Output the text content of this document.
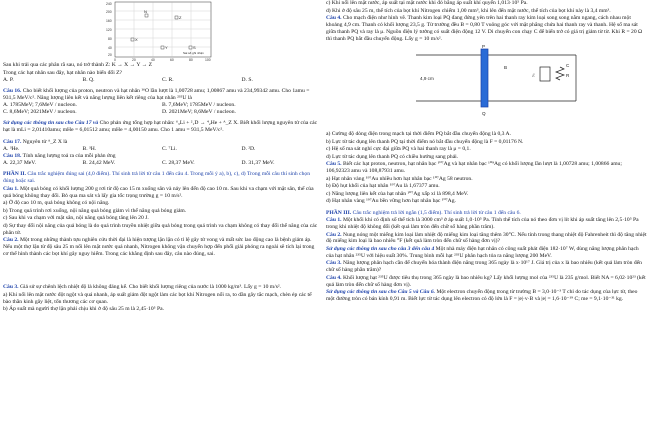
240
200
160
120
80
40
20
0	20	40	60	80	100
N
Z
X
Y	S
Sai số ghi nhận

Sau khi trải qua các phân rã sau, nó trở thành Z: K → X → Y → Z

Trong các hạt nhân sau đây, hạt nhân nào biến đổi Z?

A. P.	B. Q.	C. R.	D. S.

Câu 16. Cho biết khối lượng của proton, neutron và hạt nhân ¹⁶O lần lượt là 1,00728 amu; 1,00867 amu và 234,99342 amu. Cho 1amu = 931,5 MeV/c². Năng lượng liên kết và năng lượng liên kết riêng của hạt nhân ²³⁵U là

A. 1785MeV; 7,6MeV / nucleon.	B. 7,6MeV; 1785MeV / nucleon.
C. 8,6MeV; 2021MeV / nucleon.	D. 2021MeV; 8,6MeV / nucleon.

Sử dụng các thông tin sau cho Câu 17 và Cho phản ứng tổng hợp hạt nhân: ⁶₃Li + ²₁D → ⁴₂He + ᴬ_Z X. Biết khối lượng nguyên tử của các hạt là mLi = 2,01410amu; mHe = 6,01512 amu; mHe = 4,00150 amu. Cho 1 amu = 931,5 MeV/c².

Câu 17. Nguyên tử ᴬ_Z X là

A. ³He.	B. ³H.	C. ⁷Li.	D. ²D.

Câu 18. Tính năng lượng toả ra của mỗi phản ứng

A. 22,37 MeV.	B. 24,42 MeV.	C. 28,37 MeV.	D. 31,37 MeV.

PHẦN II. Câu trắc nghiệm đúng sai (4,0 điểm). Thí sinh trả lời từ câu 1 đến câu 4. Trong mỗi ý a), b), c), d) Trong mỗi câu thí sinh chọn đúng hoặc sai.

Câu 1. Một quả bóng có khối lượng 200 g rơi từ độ cao 15 m xuống sân và nảy lên đến độ cao 10 m. Sau khi va chạm với mặt sân, thế của quả bóng không thay đổi. Bỏ qua ma sát và lấy gia tốc trọng trường g = 10 m/s².

a) Ở độ cao 10 m, quả bóng không có nội năng.

b) Trong quá trình rơi xuống, nội năng quả bóng giảm vì thế năng quả bóng giảm.

c) Sau khi va chạm với mặt sân, nội năng quả bóng tăng lên 20 J.

d) Sự thay đổi nội năng của quả bóng là do quá trình truyền nhiệt giữa quả bóng trong quá trình va chạm không có thay đổi thể năng của các phân tử.

Câu 2. Một trong những thành tựu nghiên cứu thời đại là hiện tượng lặn lặn có tỉ lệ gây tử vong và mất sức lao động cao là bệnh giảm áp. Nếu một thợ lặn từ độ sâu 25 m nổi lên mặt nước quá nhanh, Nitrogen không vận chuyển hợp đến phổi giải phóng ra ngoài sẽ tích lại trong cơ thể hình thành các bọt khí gây nguy hiểm. Trong các khẳng định sau đây, câu nào đúng, sai.

Câu 3. Giả sử sự chênh lệch nhiệt độ là không đáng kể. Cho biết khối lượng riêng của nước là 1000 kg/m³. Lấy g = 10 m/s².

a) Khi nổi lên mặt nước đột ngột và quá nhanh, áp suất giảm đột ngột làm các bọt khí Nitrogen nổi ra, to dần gây tắc mạch, chèn ép các tế bào thần kinh gây liệt, tổn thương các cơ quan.

b) Áp suất mà người thợ lặn phải chịu khi ở độ sâu 25 m là 2,45·10⁵ Pa.

c) Khi nổi lên mặt nước, áp suất tại mặt nước khi đó bằng áp suất khí quyển 1,013·10⁵ Pa.

d) Khi ở độ sâu 25 m, thể tích của bọt khí Nitrogen chiếm 1,00 mm³, khi lên đến mặt nước, thể tích của bọt khí này là 3,4 mm³.

Câu 4. Cho mạch điện như hình vẽ. Thanh kim loại PQ đang đứng yên trên hai thanh ray kim loại song song nằm ngang, cách nhau một khoảng 4,9 cm. Thanh có khối lượng 23,5 g. Từ trường đều B = 0,80 T vuông góc với mặt phẳng chứa hai thanh ray và thanh. Hệ số ma sát giữa thanh PQ và ray là μ. Nguồn điện lý tưởng có suất điện động 12 V. Di chuyển con chạy C để biến trở có giá trị giảm từ từ. Khi R = 20 Ω thì thanh PQ bắt đầu chuyển động. Lấy g = 10 m/s².

P
Q
C
R
ℰ
4,9 cm
B

a) Cường độ dòng điện trong mạch tại thời điểm PQ bắt đầu chuyển động là 0,3 A.

b) Lực từ tác dụng lên thanh PQ tại thời điểm nó bắt đầu chuyển động là F = 0,01176 N.

c) Hệ số ma sát nghỉ cực đại giữa PQ và hai thanh ray là μ = 0,1.

d) Lực từ tác dụng lên thanh PQ có chiều hướng sang phải.

Câu 5. Biết các hạt proton, neutron, hạt nhân bạc ¹⁰⁷Ag và hạt nhân bạc ¹⁰⁹Ag có khối lượng lần lượt là 1,00728 amu; 1,00866 amu; 106,92323 amu và 108,87931 amu.

a) Hạt nhân vàng ¹⁹⁷Au nhiều hơn hạt nhân bạc ¹⁰⁷Ag 58 neutron.

b) Độ hụt khối của hạt nhân ¹⁹⁷Au là 1,67377 amu.

c) Năng lượng liên kết của hạt nhân ¹⁰⁷Ag xấp xỉ là 898,4 MeV.

d) Hạt nhân vàng ¹⁹⁷Au bền vững hơn hạt nhân bạc ¹⁰⁷Ag.

PHẦN III. Câu trắc nghiệm trả lời ngắn (1,5 điểm). Thí sinh trả lời từ câu 1 đến câu 6.

Câu 1. Một khối khí có định số thể tích là 3000 cm³ ở áp suất 1,0·10⁵ Pa. Tính thể tích của nó theo đơn vị lít khi áp suất tăng lên 2,5·10⁵ Pa trong khi nhiệt độ không đổi (kết quả làm tròn đến chữ số hàng phần trăm).

Câu 2. Nung nóng một miếng kim loại làm nhiệt độ miếng kim loại tăng thêm 30°C. Nếu tính trong thang nhiệt độ Fahrenheit thì độ tăng nhiệt độ miếng kim loại là bao nhiêu °F (kết quả làm tròn đến chữ số hàng đơn vị)?

Sử dụng các thông tin sau cho câu 3 đến câu 4 Một nhà máy điện hạt nhân có công suất phát điện 182·10⁷ W, dùng năng lượng phân hạch của hạt nhân ²³⁵U với hiệu suất 30%. Trung bình mỗi hạt ²³⁵U phân hạch tỏa ra năng lượng 200 MeV.

Câu 3. Năng lượng phân hạch cần để chuyển hóa thành điện năng trong 365 ngày là x·10¹⁷ J. Giá trị của x là bao nhiêu (kết quả làm tròn đến chữ số hàng phần trăm)?

Câu 4. Khối lượng hạt ²³⁵U được tiêu thụ trong 365 ngày là bao nhiêu kg? Lấy khối lượng mol của ²³⁵U là 235 g/mol. Biết NA = 6,02·10²³ (kết quả làm tròn đến chữ số hàng đơn vị).

Sử dụng các thông tin sau cho Câu 5 và Câu 6. Một electron chuyển động trong từ trường B = 3,0·10⁻³ T chỉ do tác dụng của lực từ, theo một đường tròn có bán kính 0,91 m. Biết lực từ tác dụng lên electron có độ lớn là F = |e|·v·B và |e| = 1,6·10⁻¹⁹ C; me = 9,1·10⁻³¹ kg.
